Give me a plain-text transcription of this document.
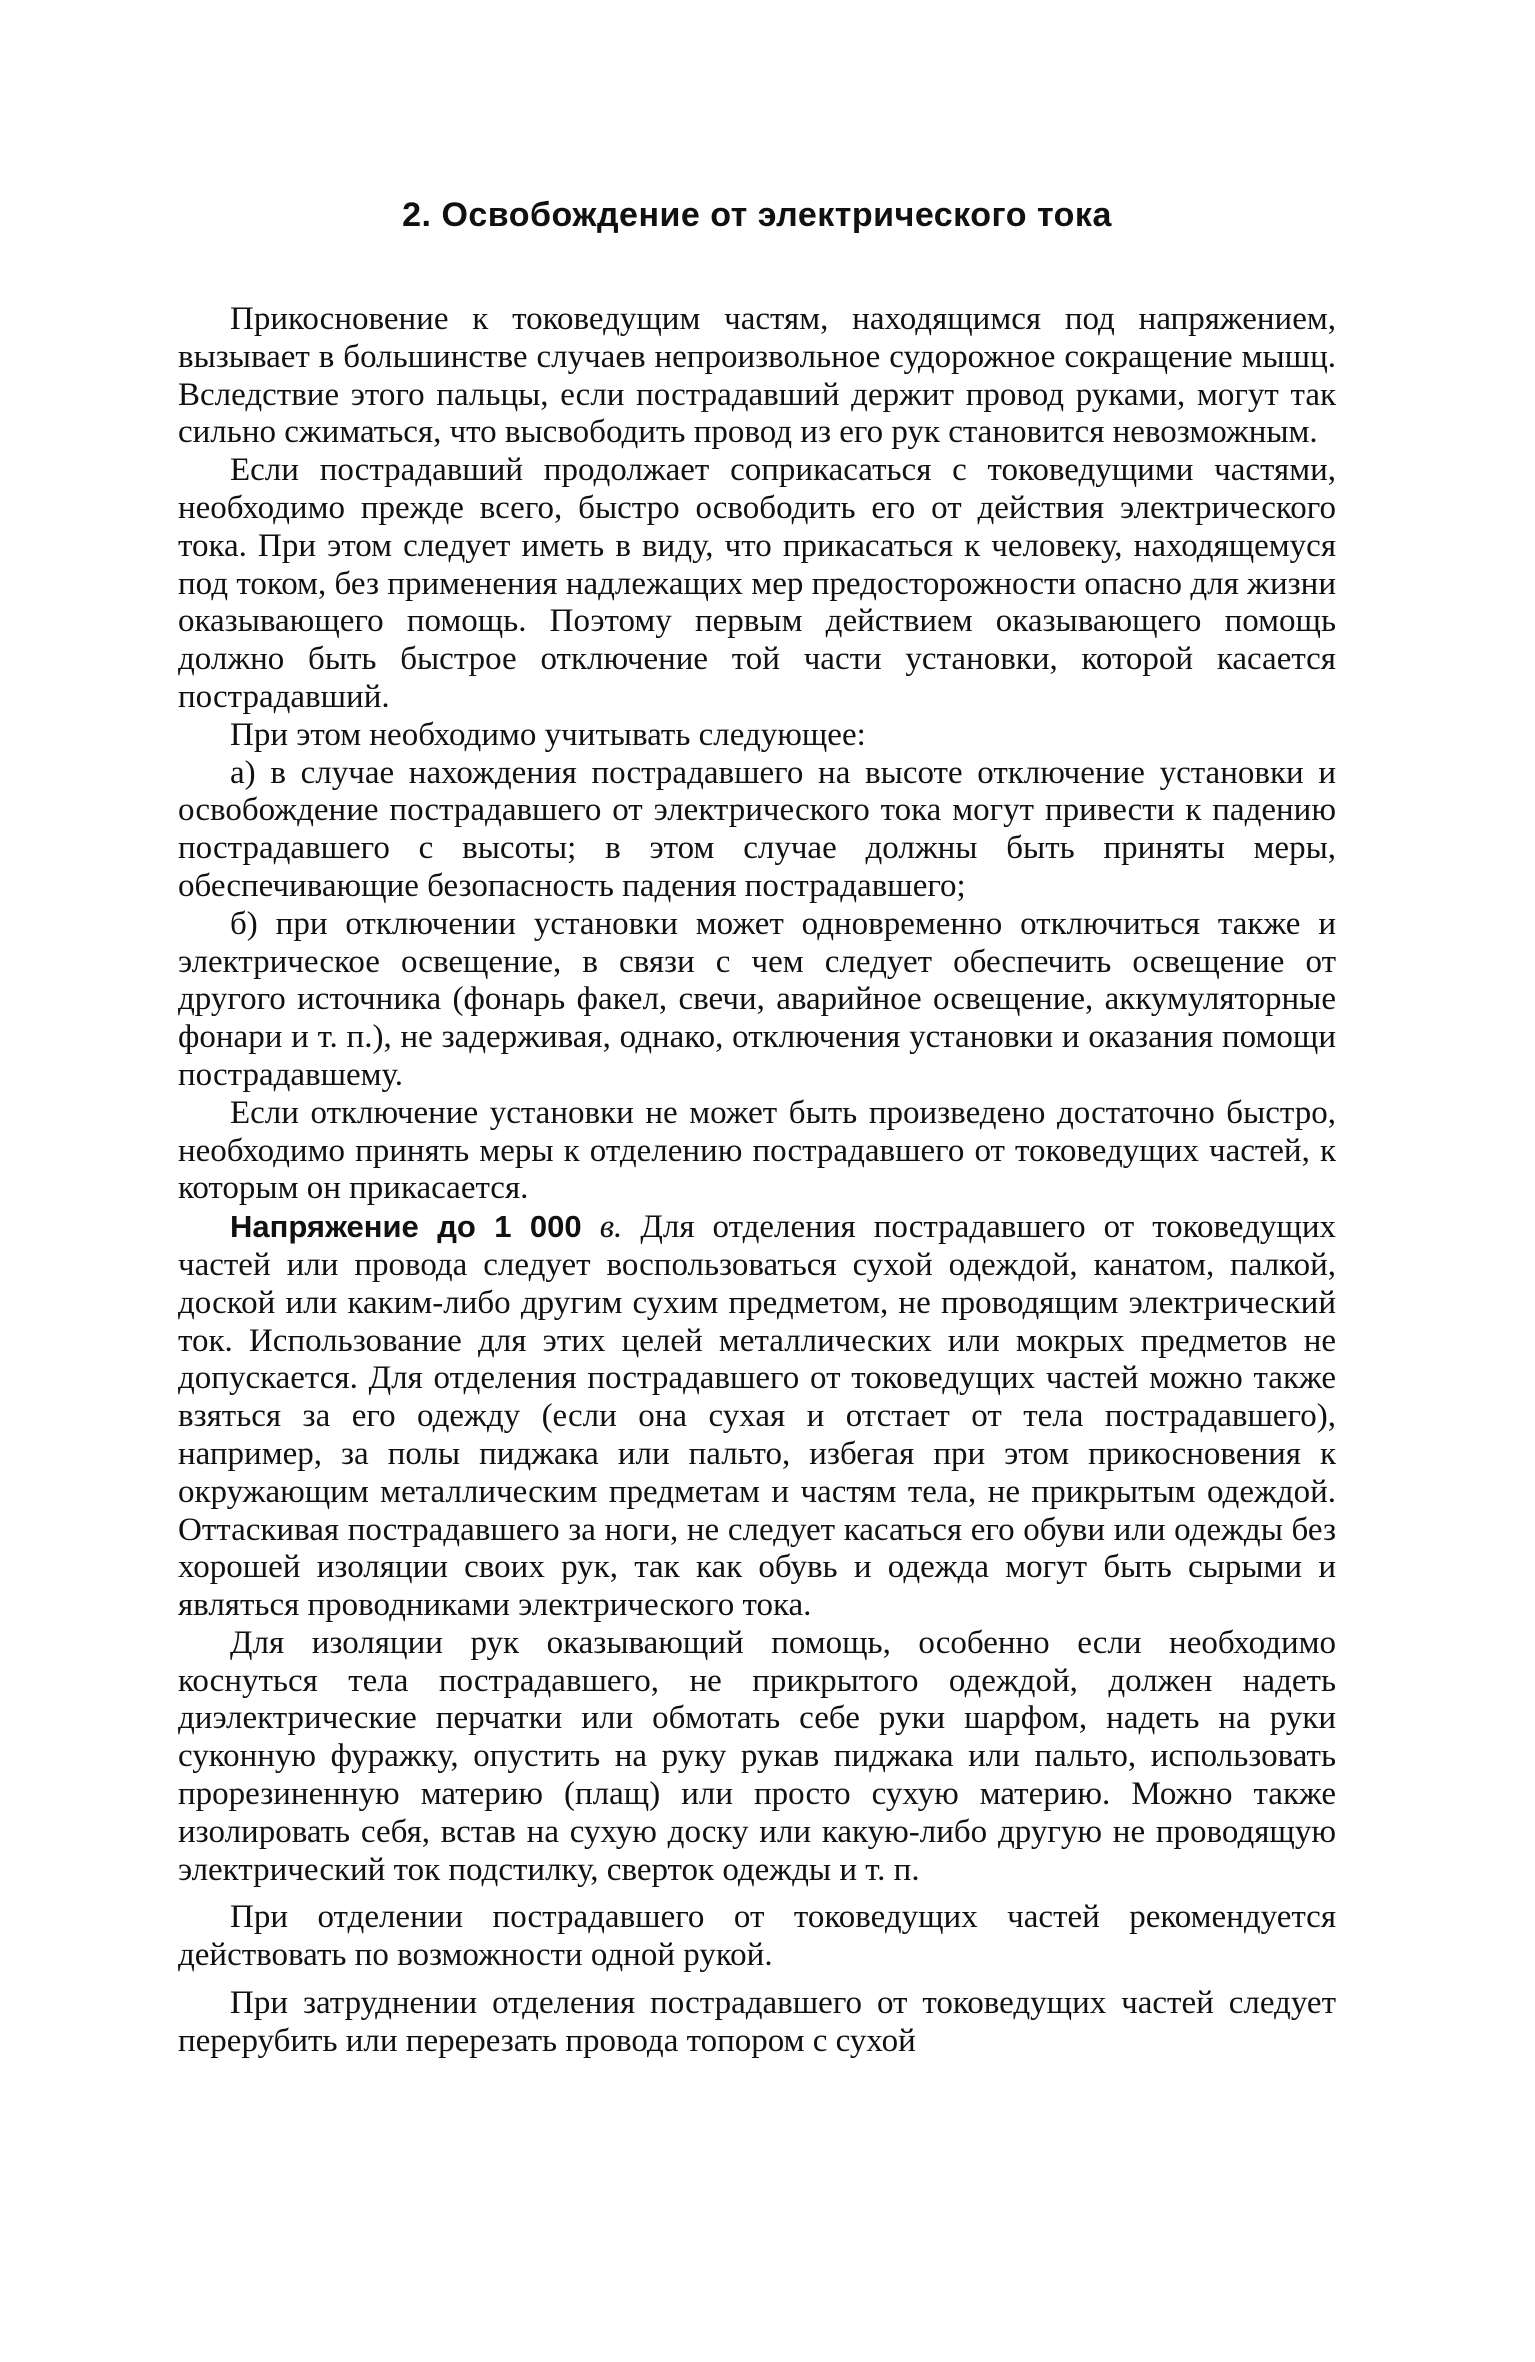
2. Освобождение от электрического тока

Прикосновение к токоведущим частям, находящимся под напряжением, вызывает в большинстве случаев непроизвольное судорожное сокращение мышц. Вследствие этого пальцы, если пострадавший держит провод руками, могут так сильно сжиматься, что высвободить провод из его рук становится невозможным.

Если пострадавший продолжает соприкасаться с токоведущими частями, необходимо прежде всего, быстро освободить его от действия электрического тока. При этом следует иметь в виду, что прикасаться к человеку, находящемуся под током, без применения надлежащих мер предосторожности опасно для жизни оказывающего помощь. Поэтому первым действием оказывающего помощь должно быть быстрое отключение той части установки, которой касается пострадавший.

При этом необходимо учитывать следующее:

а) в случае нахождения пострадавшего на высоте отключение установки и освобождение пострадавшего от электрического тока могут привести к падению пострадавшего с высоты; в этом случае должны быть приняты меры, обеспечивающие безопасность падения пострадавшего;

б) при отключении установки может одновременно отключиться также и электрическое освещение, в связи с чем следует обеспечить освещение от другого источника (фонарь факел, свечи, аварийное освещение, аккумуляторные фонари и т. п.), не задерживая, однако, отключения установки и оказания помощи пострадавшему.

Если отключение установки не может быть произведено достаточно быстро, необходимо принять меры к отделению пострадавшего от токоведущих частей, к которым он прикасается.

Напряжение до 1 000 в. Для отделения пострадавшего от токоведущих частей или провода следует воспользоваться сухой одеждой, канатом, палкой, доской или каким-либо другим сухим предметом, не проводящим электрический ток. Использование для этих целей металлических или мокрых предметов не допускается. Для отделения пострадавшего от токоведущих частей можно также взяться за его одежду (если она сухая и отстает от тела пострадавшего), например, за полы пиджака или пальто, избегая при этом прикосновения к окружающим металлическим предметам и частям тела, не прикрытым одеждой. Оттаскивая пострадавшего за ноги, не следует касаться его обуви или одежды без хорошей изоляции своих рук, так как обувь и одежда могут быть сырыми и являться проводниками электрического тока.

Для изоляции рук оказывающий помощь, особенно если необходимо коснуться тела пострадавшего, не прикрытого одеждой, должен надеть диэлектрические перчатки или обмотать себе руки шарфом, надеть на руки суконную фуражку, опустить на руку рукав пиджака или пальто, использовать прорезиненную материю (плащ) или просто сухую материю. Можно также изолировать себя, встав на сухую доску или какую-либо другую не проводящую электрический ток подстилку, сверток одежды и т. п.

При отделении пострадавшего от токоведущих частей рекомендуется действовать по возможности одной рукой.

При затруднении отделения пострадавшего от токоведущих частей следует перерубить или перерезать провода топором с сухой
